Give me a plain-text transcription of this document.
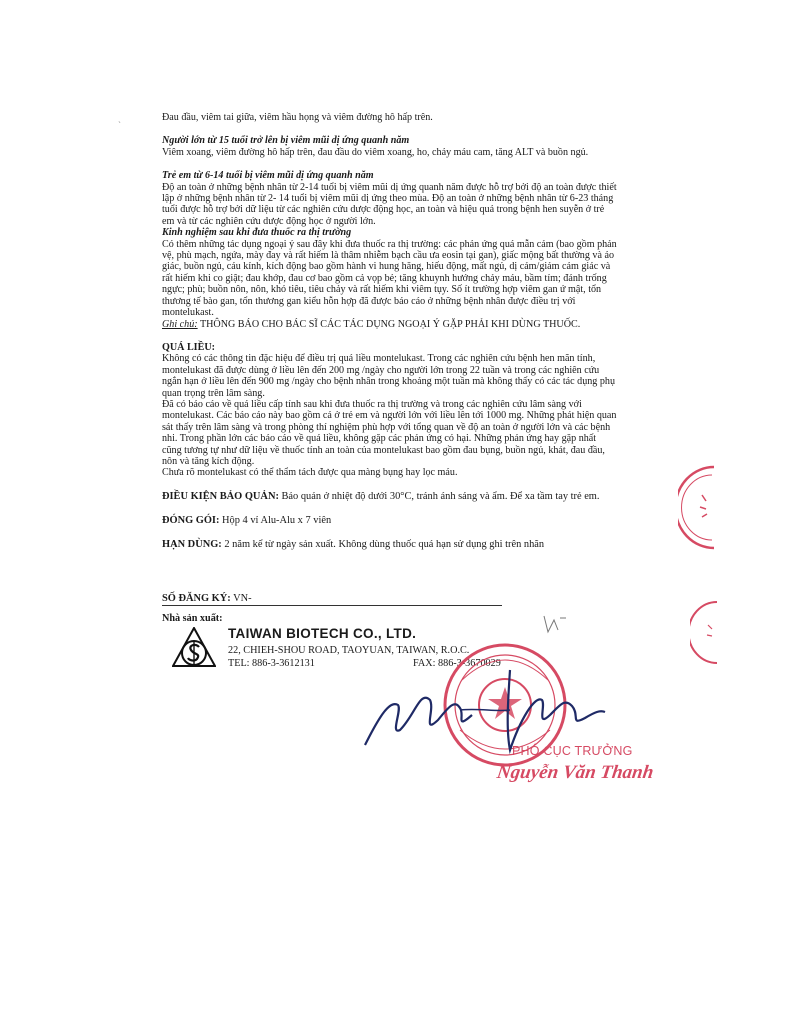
`

Đau đầu, viêm tai giữa, viêm hầu họng và viêm đường hô hấp trên.

Người lớn từ 15 tuổi trở lên bị viêm mũi dị ứng quanh năm

Viêm xoang, viêm đường hô hấp trên, đau đầu do viêm xoang, ho, chảy máu cam, tăng ALT và buồn ngủ.

Trẻ em từ 6-14 tuổi bị viêm mũi dị ứng quanh năm

Độ an toàn ở những bệnh nhân từ 2-14 tuổi bị viêm mũi dị ứng quanh năm được hỗ trợ bởi độ an toàn được thiết lập ở những bệnh nhân từ 2- 14 tuổi bị viêm mũi dị ứng theo mùa. Độ an toàn ở những bệnh nhân từ 6-23 tháng tuổi được hỗ trợ bởi dữ liệu từ các nghiên cứu dược động học, an toàn và hiệu quả trong bệnh hen suyễn ở trẻ em và từ các nghiên cứu dược động học ở người lớn.

Kinh nghiệm sau khi đưa thuốc ra thị trường

Có thêm những tác dụng ngoại ý sau đây khi đưa thuốc ra thị trường: các phản ứng quá mẫn cảm (bao gồm phản vệ, phù mạch, ngứa, mày đay và rất hiếm là thâm nhiễm bạch cầu ưa eosin tại gan), giấc mộng bất thường và ảo giác, buồn ngủ, cáu kỉnh, kích động bao gồm hành vi hung hăng, hiếu động, mất ngủ, dị cảm/giảm cảm giác và rất hiếm khi co giật; đau khớp, đau cơ bao gồm cả vọp bẻ; tăng khuynh hướng chảy máu, bầm tím; đánh trống ngực; phù; buồn nôn, nôn, khó tiêu, tiêu chảy và rất hiếm khi viêm tụy. Số ít trường hợp viêm gan ứ mật, tổn thương tế bào gan, tổn thương gan kiểu hỗn hợp đã được báo cáo ở những bệnh nhân được điều trị với montelukast.

Ghi chú: THÔNG BÁO CHO BÁC SĨ CÁC TÁC DỤNG NGOẠI Ý GẶP PHẢI KHI DÙNG THUỐC.

QUÁ LIỀU:

Không có các thông tin đặc hiệu để điều trị quá liều montelukast. Trong các nghiên cứu bệnh hen mãn tính, montelukast đã được dùng ở liều lên đến 200 mg /ngày cho người lớn trong 22 tuần và trong các nghiên cứu ngắn hạn ở liều lên đến 900 mg /ngày cho bệnh nhân trong khoảng một tuần mà không thấy có các tác dụng phụ quan trọng trên lâm sàng.

Đã có báo cáo về quá liều cấp tính sau khi đưa thuốc ra thị trường và trong các nghiên cứu lâm sàng với montelukast. Các báo cáo này bao gồm cả ở trẻ em và người lớn với liều lên tới 1000 mg. Những phát hiện quan sát thấy trên lâm sàng và trong phòng thí nghiệm phù hợp với tổng quan về độ an toàn ở người lớn và các bệnh nhi. Trong phần lớn các báo cáo về quá liều, không gặp các phản ứng có hại. Những phản ứng hay gặp nhất cũng tương tự như dữ liệu về thuốc tính an toàn của montelukast bao gồm đau bụng, buồn ngủ, khát, đau đầu, nôn và tăng kích động.

Chưa rõ montelukast có thể thẩm tách được qua màng bụng hay lọc máu.

ĐIỀU KIỆN BẢO QUẢN: Bảo quản ở nhiệt độ dưới 30°C, tránh ánh sáng và ẩm. Để xa tầm tay trẻ em.

ĐÓNG GÓI: Hộp 4 vỉ Alu-Alu x 7 viên

HẠN DÙNG: 2 năm kể từ ngày sản xuất. Không dùng thuốc quá hạn sử dụng ghi trên nhãn

SỐ ĐĂNG KÝ: VN-
Nhà sản xuất:
TAIWAN BIOTECH CO., LTD.
22, CHIEH-SHOU ROAD, TAOYUAN, TAIWAN, R.O.C.
TEL: 886-3-3612131	FAX: 886-3-3670029
PHÓ CỤC TRƯỞNG
Nguyễn Văn Thanh
